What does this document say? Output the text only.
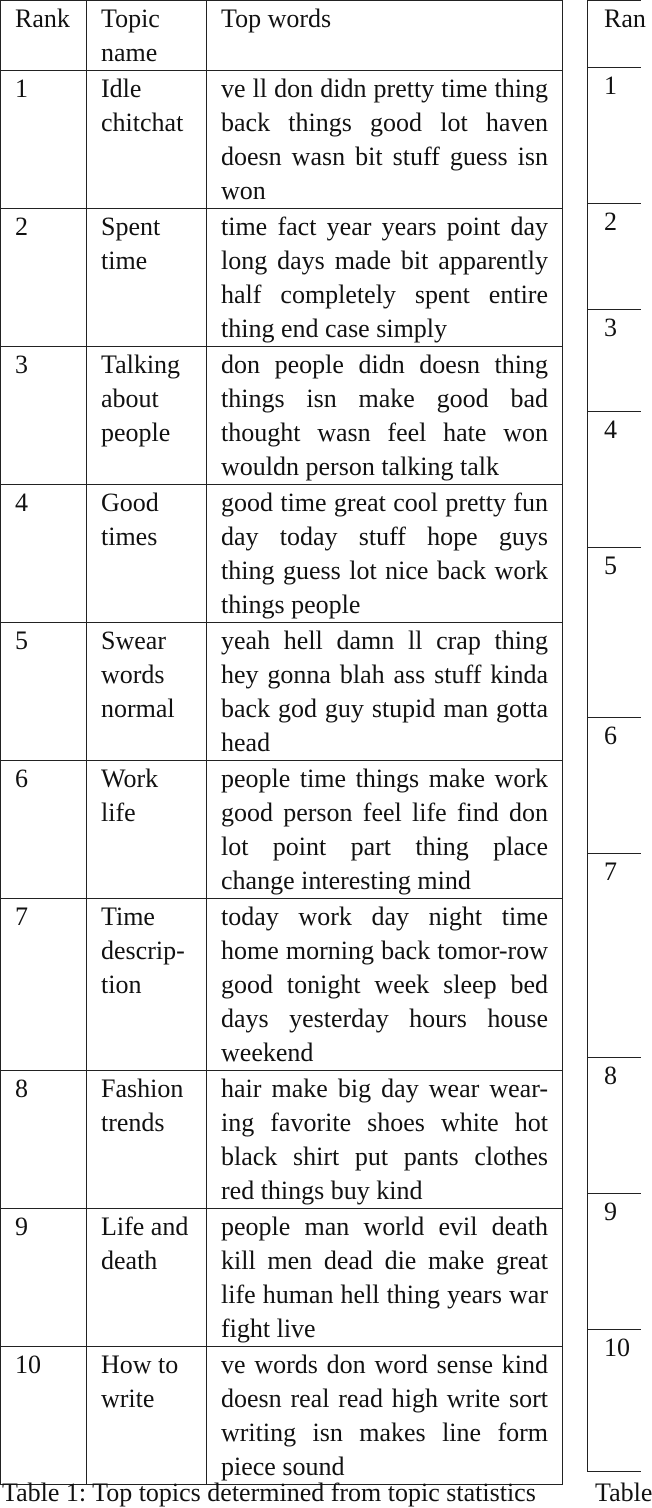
Rank	Topic name	Top words

1	Idle chitchat	ve ll don didn pretty time thing back things good lot haven doesn wasn bit stuff guess isn won

2	Spent time	time fact year years point day long days made bit apparently half completely spent entire thing end case simply

3	Talking about people	don people didn doesn thing things isn make good bad thought wasn feel hate won wouldn person talking talk

4	Good times	good time great cool pretty fun day today stuff hope guys thing guess lot nice back work things people

5	Swear words normal	yeah hell damn ll crap thing hey gonna blah ass stuff kinda back god guy stupid man gotta head

6	Work life	people time things make work good person feel life find don lot point part thing place change interesting mind

7	Time descrip-tion	today work day night time home morning back tomor-row good tonight week sleep bed days yesterday hours house weekend

8	Fashion trends	hair make big day wear wear-ing favorite shoes white hot black shirt put pants clothes red things buy kind

9	Life and death	people man world evil death kill men dead die make great life human hell thing years war fight live

10	How to write	ve words don word sense kind doesn real read high write sort writing isn makes line form piece sound
Ran
1
2
3
4
5
6
7
8
9
10
Table 1: Top topics determined from topic statistics	Table
